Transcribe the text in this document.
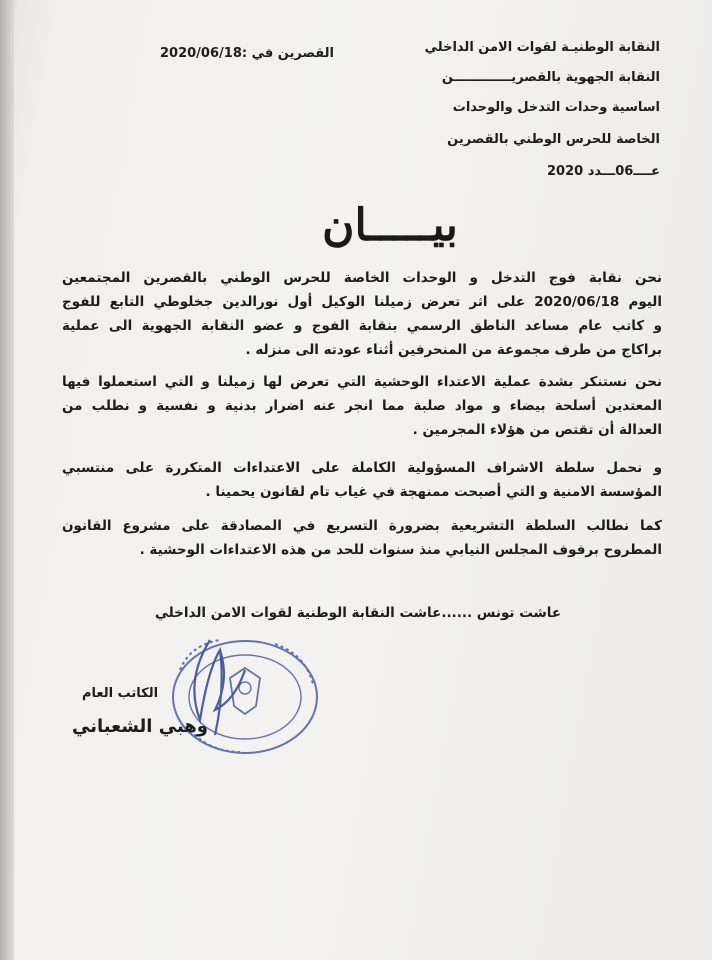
النقابة الوطنيـة لقوات الامن الداخلي
النقابة الجهوية بالقصريـــــــــــــن
اساسية وحدات التدخل والوحدات
الخاصة للحرس الوطني بالقصرين
عــــ06ـــدد 2020
القصرين في :2020/06/18
بيـــــان
نحن نقابة فوج التدخل و الوحدات الخاصة للحرس الوطني بالقصرين المجتمعين
اليوم 2020/06/18 على اثر تعرض زميلنا الوكيل أول نورالدين جخلوطي التابع للفوج
و كاتب عام مساعد الناطق الرسمي بنقابة الفوج و عضو النقابة الجهوية الى عملية
براكاج من طرف مجموعة من المنحرفين أثناء عودته الى منزله .
نحن نستنكر بشدة عملية الاعتداء الوحشية التي تعرض لها زميلنا و التي استعملوا فيها
المعتدين أسلحة بيضاء و مواد صلبة مما انجر عنه اضرار بدنية و نفسية و نطلب من
العدالة أن تقتص من هؤلاء المجرمين .
و نحمل سلطة الاشراف المسؤولية الكاملة على الاعتداءات المتكررة على منتسبي
المؤسسة الامنية و التي أصبحت ممنهجة في غياب تام لقانون يحمينا .
كما نطالب السلطة التشريعية بضرورة التسريع في المصادقة على مشروع القانون
المطروح برفوف المجلس النيابي منذ سنوات للحد من هذه الاعتداءات الوحشية .
عاشت تونس ......عاشت النقابة الوطنية لقوات الامن الداخلي
الكاتب العام
وهبي الشعباني
